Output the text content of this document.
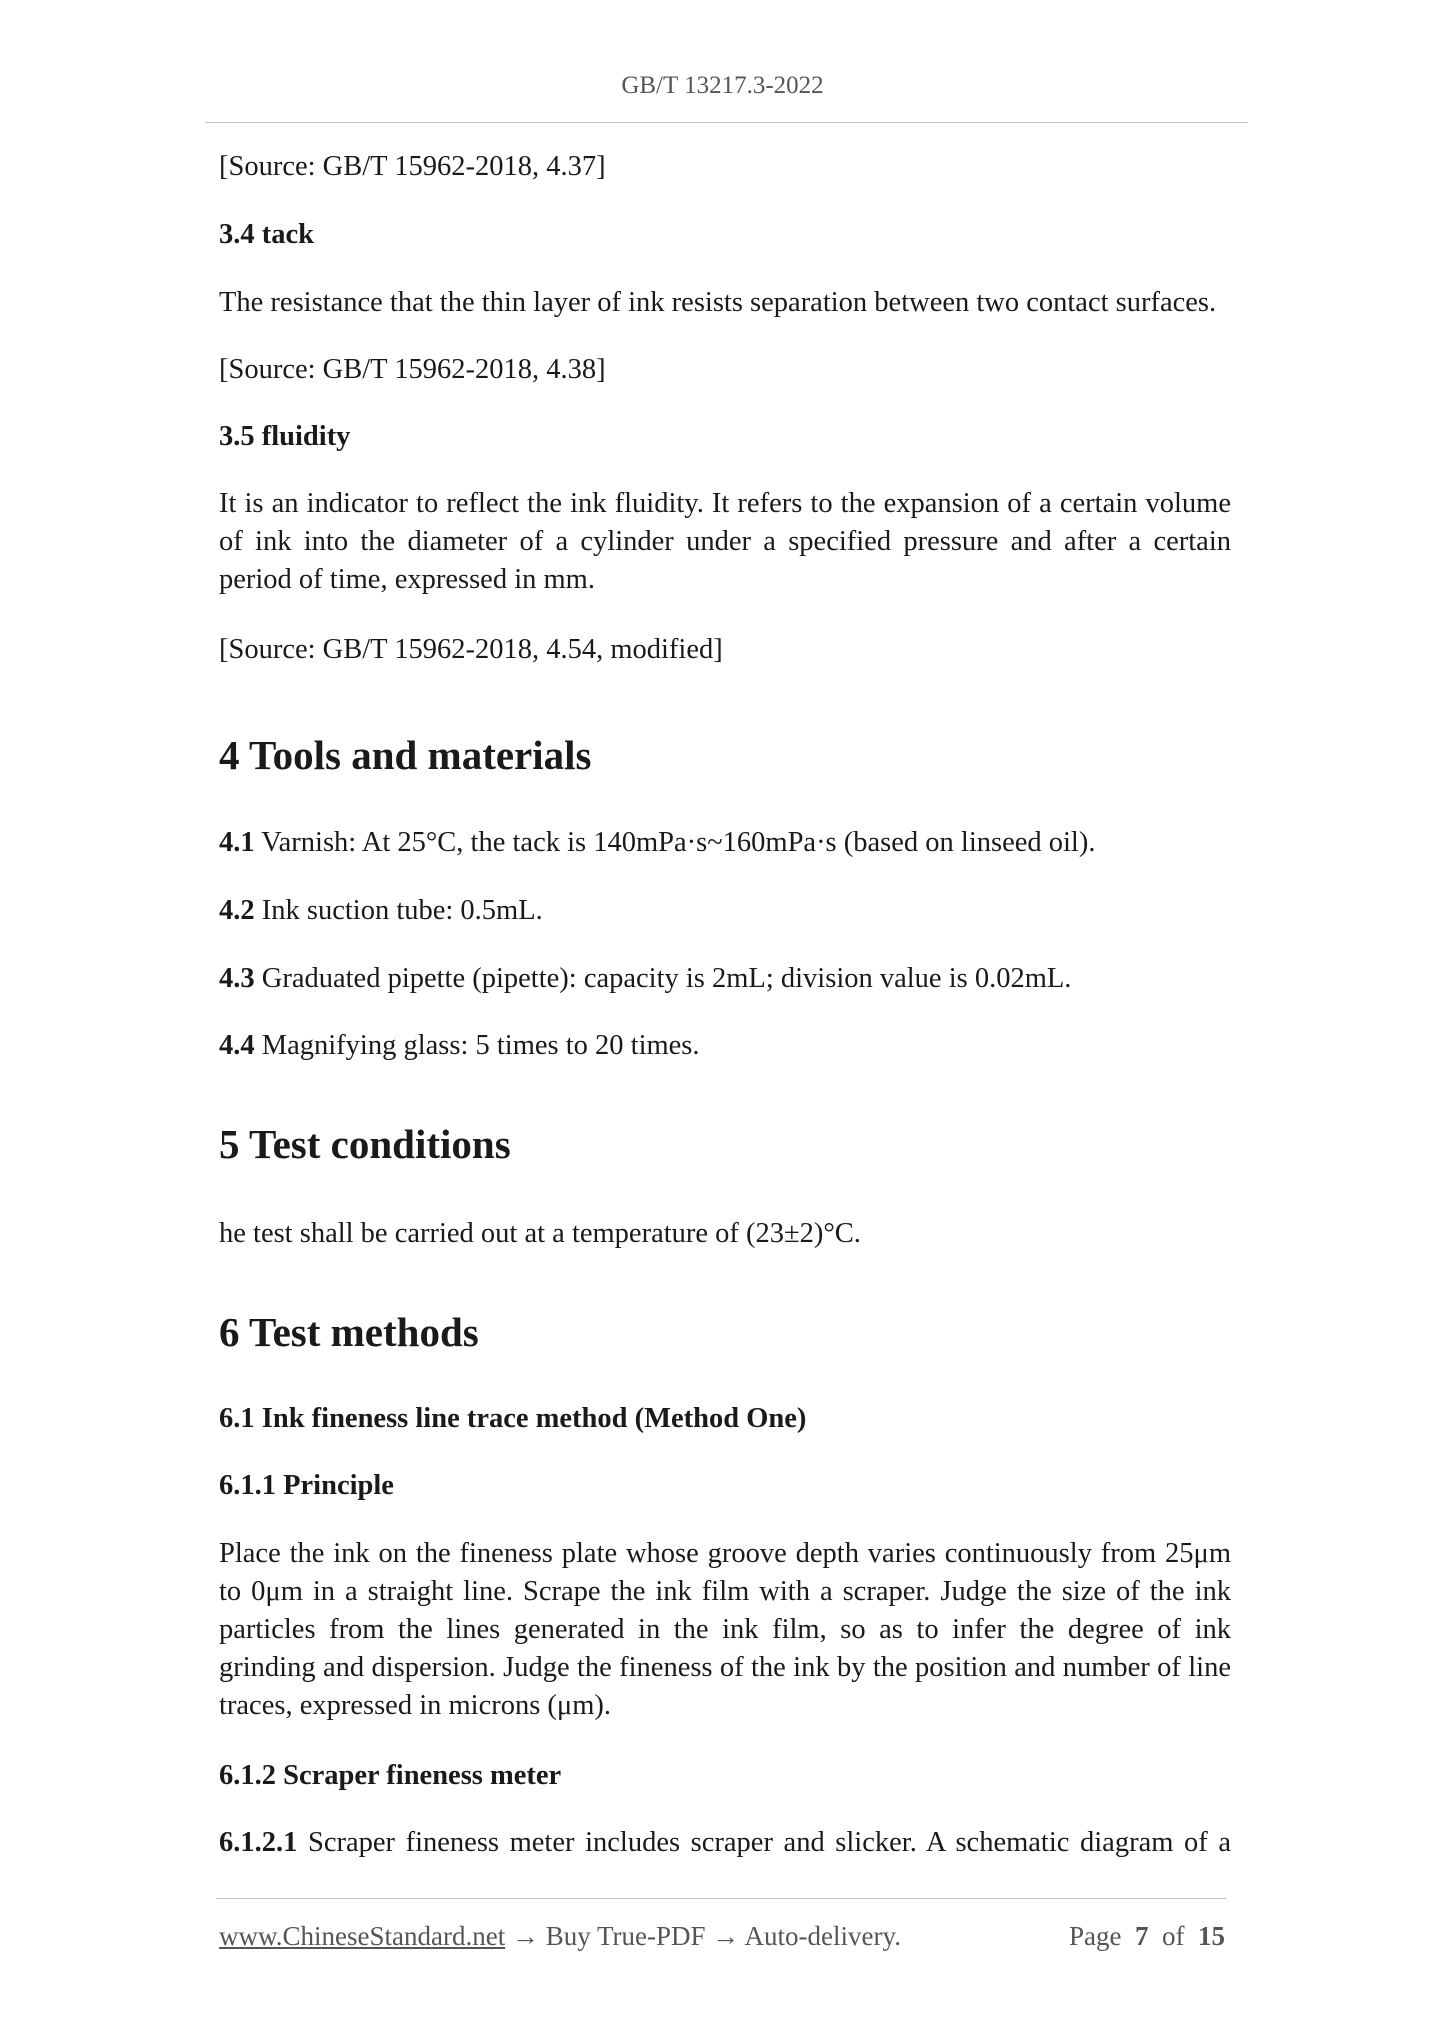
GB/T 13217.3-2022

[Source: GB/T 15962-2018, 4.37]

3.4 tack

The resistance that the thin layer of ink resists separation between two contact surfaces.

[Source: GB/T 15962-2018, 4.38]

3.5 fluidity

It is an indicator to reflect the ink fluidity. It refers to the expansion of a certain volume of ink into the diameter of a cylinder under a specified pressure and after a certain period of time, expressed in mm.

[Source: GB/T 15962-2018, 4.54, modified]

4 Tools and materials

4.1 Varnish: At 25°C, the tack is 140mPa·s~160mPa·s (based on linseed oil).

4.2 Ink suction tube: 0.5mL.

4.3 Graduated pipette (pipette): capacity is 2mL; division value is 0.02mL.

4.4 Magnifying glass: 5 times to 20 times.

5 Test conditions

he test shall be carried out at a temperature of (23±2)°C.

6 Test methods
6.1 Ink fineness line trace method (Method One)
6.1.1 Principle

Place the ink on the fineness plate whose groove depth varies continuously from 25μm to 0μm in a straight line. Scrape the ink film with a scraper. Judge the size of the ink particles from the lines generated in the ink film, so as to infer the degree of ink grinding and dispersion. Judge the fineness of the ink by the position and number of line traces, expressed in microns (μm).

6.1.2 Scraper fineness meter

6.1.2.1 Scraper fineness meter includes scraper and slicker. A schematic diagram of a

www.ChineseStandard.net → Buy True-PDF → Auto-delivery.	Page 7 of 15
